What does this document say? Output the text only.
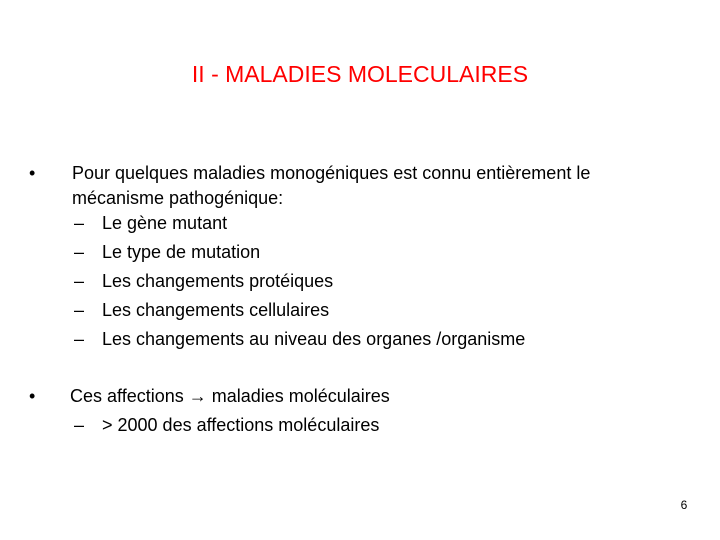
II - MALADIES MOLECULAIRES
• Pour quelques maladies monogéniques est connu entièrement le
mécanisme pathogénique:
– Le gène mutant
– Le type de mutation
– Les changements protéiques
– Les changements cellulaires
– Les changements au niveau des organes /organisme
• Ces affections → maladies moléculaires
– > 2000 des affections moléculaires
6
